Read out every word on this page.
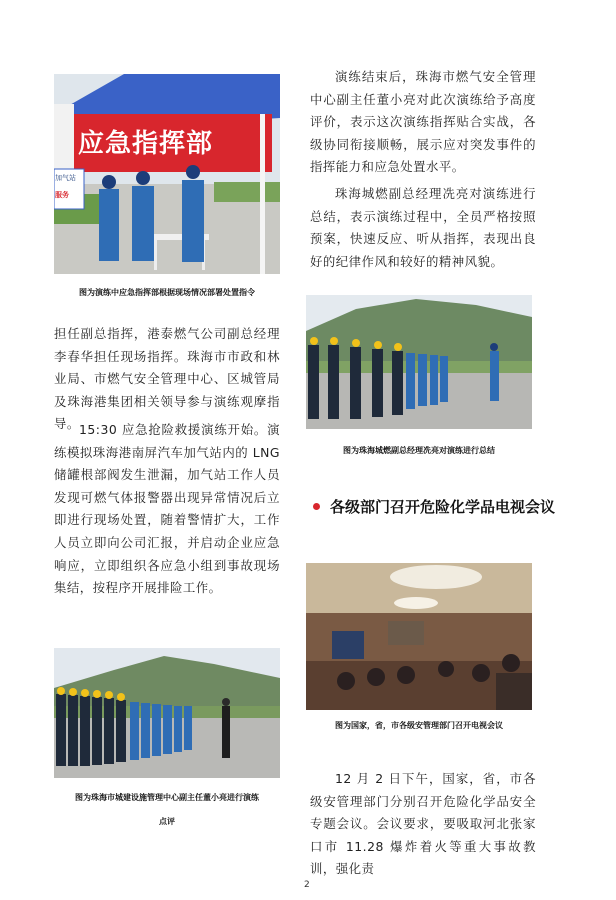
应急指挥部
加气站
服务
图为演练中应急指挥部根据现场情况部署处置指令

担任副总指挥，港泰燃气公司副总经理李春华担任现场指挥。珠海市市政和林业局、市燃气安全管理中心、区城管局及珠海港集团相关领导参与演练观摩指导。 15:30 应急抢险救援演练开始。演练模拟珠海港南屏汽车加气站内的 LNG 储罐根部阀发生泄漏，加气站工作人员发现可燃气体报警器出现异常情况后立即进行现场处置，随着警情扩大，工作人员立即向公司汇报，并启动企业应急响应，立即组织各应急小组到事故现场集结，按程序开展排险工作。

图为珠海市城建设施管理中心副主任董小亮进行演练
点评

演练结束后，珠海市燃气安全管理中心副主任董小亮对此次演练给予高度评价，表示这次演练指挥贴合实战，各级协同衔接顺畅，展示应对突发事件的指挥能力和应急处置水平。

珠海城燃副总经理冼亮对演练进行总结，表示演练过程中，全员严格按照预案，快速反应、听从指挥，表现出良好的纪律作风和较好的精神风貌。

图为珠海城燃副总经理冼亮对演练进行总结
各级部门召开危险化学品电视会议
图为国家，省，市各级安管理部门召开电视会议

12 月 2 日下午，国家，省，市各级安管理部门分别召开危险化学品安全专题会议。会议要求，要吸取河北张家口市 11.28 爆炸着火等重大事故教训，强化责

2
